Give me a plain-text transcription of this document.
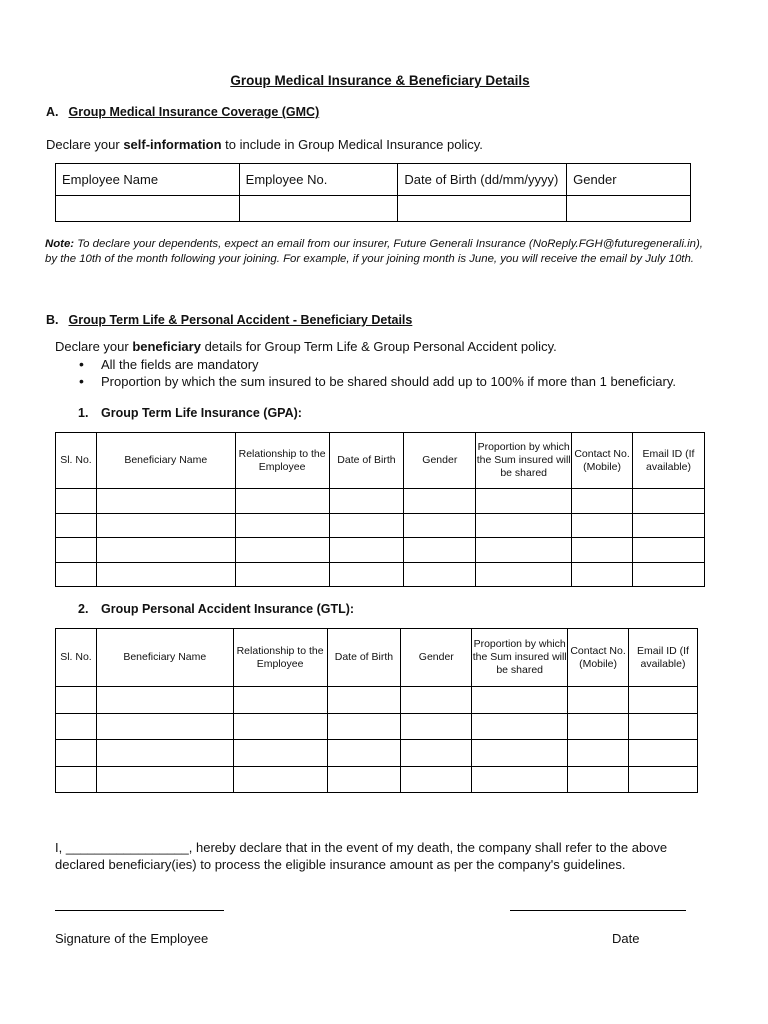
Group Medical Insurance & Beneficiary Details
A. Group Medical Insurance Coverage (GMC)
Declare your self-information to include in Group Medical Insurance policy.
Employee Name	Employee No.	Date of Birth (dd/mm/yyyy)	Gender

Note: To declare your dependents, expect an email from our insurer, Future Generali Insurance (NoReply.FGH@futuregenerali.in), by the 10th of the month following your joining. For example, if your joining month is June, you will receive the email by July 10th.
B. Group Term Life & Personal Accident - Beneficiary Details
Declare your beneficiary details for Group Term Life & Group Personal Accident policy.
• All the fields are mandatory
• Proportion by which the sum insured to be shared should add up to 100% if more than 1 beneficiary.
1. Group Term Life Insurance (GPA):
Sl. No.	Beneficiary Name	Relationship to the Employee	Date of Birth	Gender	Proportion by which the Sum insured will be shared	Contact No. (Mobile)	Email ID (If available)

2. Group Personal Accident Insurance (GTL):
Sl. No.	Beneficiary Name	Relationship to the Employee	Date of Birth	Gender	Proportion by which the Sum insured will be shared	Contact No. (Mobile)	Email ID (If available)

I, _________________, hereby declare that in the event of my death, the company shall refer to the above declared beneficiary(ies) to process the eligible insurance amount as per the company's guidelines.
Signature of the Employee	Date
